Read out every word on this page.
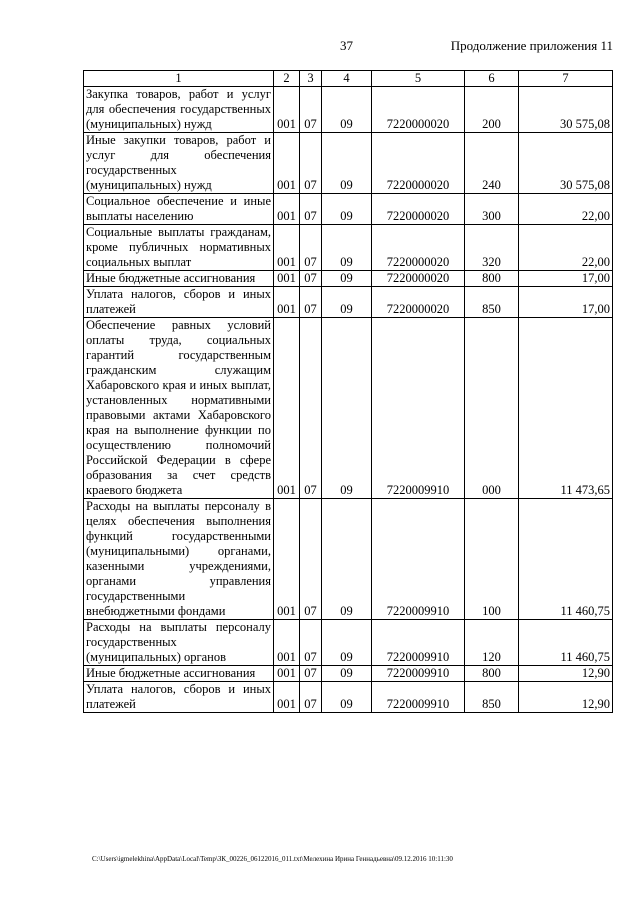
37	Продолжение приложения 11
1	2	3	4	5	6	7
Закупка товаров, работ и услуг для обеспечения государственных (муниципальных) нужд	001	07	09	7220000020	200	30 575,08
Иные закупки товаров, работ и услуг для обеспечения государственных (муниципальных) нужд	001	07	09	7220000020	240	30 575,08
Социальное обеспечение и иные выплаты населению	001	07	09	7220000020	300	22,00
Социальные выплаты гражданам, кроме публичных нормативных социальных выплат	001	07	09	7220000020	320	22,00
Иные бюджетные ассигнования	001	07	09	7220000020	800	17,00
Уплата налогов, сборов и иных платежей	001	07	09	7220000020	850	17,00
Обеспечение равных условий оплаты труда, социальных гарантий государственным гражданским служащим Хабаровского края и иных выплат, установленных нормативными правовыми актами Хабаровского края на выполнение функции по осуществлению полномочий Российской Федерации в сфере образования за счет средств краевого бюджета	001	07	09	7220009910	000	11 473,65
Расходы на выплаты персоналу в целях обеспечения выполнения функций государственными (муниципальными) органами, казенными учреждениями, органами управления государственными внебюджетными фондами	001	07	09	7220009910	100	11 460,75
Расходы на выплаты персоналу государственных (муниципальных) органов	001	07	09	7220009910	120	11 460,75
Иные бюджетные ассигнования	001	07	09	7220009910	800	12,90
Уплата налогов, сборов и иных платежей	001	07	09	7220009910	850	12,90
C:\Users\igmelekhina\AppData\Local\Temp\ЗК_00226_06122016_011.txt\Мелехина Ирина Геннадьевна\09.12.2016 10:11:30
